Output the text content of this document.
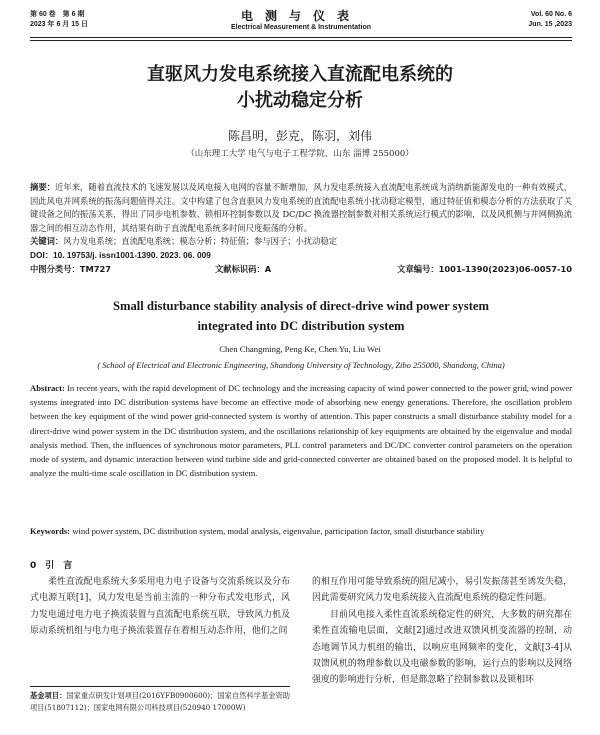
第 60 卷　第 6 期
2023 年 6 月 15 日
电测与仪表
Electrical Measurement & Instrumentation
Vol. 60 No. 6
Jun. 15 ,2023
直驱风力发电系统接入直流配电系统的
小扰动稳定分析
陈昌明，彭克，陈羽，刘伟
（山东理工大学 电气与电子工程学院，山东 淄博 255000）
摘要：近年来，随着直流技术的飞速发展以及风电接入电网的容量不断增加，风力发电系统接入直流配电系统成为消纳新能源发电的一种有效模式，因此风电并网系统的振荡问题值得关注。文中构建了包含直驱风力发电系统的直流配电系统小扰动稳定模型，通过特征值和模态分析的方法获取了关键设备之间的振荡关系，得出了同步电机参数、锁相环控制参数以及 DC/DC 换流器控制参数对相关系统运行模式的影响，以及风机侧与并网侧换流器之间的相互动态作用，其结果有助于直流配电系统多时间尺度振荡的分析。
关键词：风力发电系统；直流配电系统；模态分析；特征值；参与因子；小扰动稳定
DOI：10. 19753/j. issn1001-1390. 2023. 06. 009
中图分类号：TM727	文献标识码：A	文章编号：1001-1390(2023)06-0057-10
Small disturbance stability analysis of direct-drive wind power system
integrated into DC distribution system
Chen Changming, Peng Ke, Chen Yu, Liu Wei
( School of Electrical and Electronic Engineering, Shandong University of Technology, Zibo 255000, Shandong, China)
Abstract: In recent years, with the rapid development of DC technology and the increasing capacity of wind power connected to the power grid, wind power systems integrated into DC distribution systems have become an effective mode of absorbing new energy generations. Therefore, the oscillation problem between the key equipment of the wind power grid-connected system is worthy of attention. This paper constructs a small disturbance stability model for a direct-drive wind power system in the DC distribution system, and the oscillations relationship of key equipments are obtained by the eigenvalue and modal analysis method. Then, the influences of synchronous motor parameters, PLL control parameters and DC/DC converter control parameters on the operation mode of system, and dynamic interaction between wind turbine side and grid-connected converter are obtained based on the proposed model. It is helpful to analyze the multi-time scale oscillation in DC distribution system.
Keywords: wind power system, DC distribution system, modal analysis, eigenvalue, participation factor, small disturbance stability
0　引　言

柔性直流配电系统大多采用电力电子设备与交流系统以及分布式电源互联[1]，风力发电是当前主流的一种分布式发电形式，风力发电通过电力电子换流装置与直流配电系统互联，导致风力机及原动系统机组与电力电子换流装置存在着相互动态作用，他们之间

基金项目：国家重点研发计划项目(2016YFB0900600)；国家自然科学基金资助项目(51807112)；国家电网有限公司科技项目(520940 17000W)

的相互作用可能导致系统的阻尼减小，易引发振荡甚至诱发失稳，因此需要研究风力发电系统接入直流配电系统的稳定性问题。

目前风电接入柔性直流系统稳定性的研究，大多数的研究都在柔性直流输电层面，文献[2]通过改进双馈风机变流器的控制，动态地调节风力机组的输出，以响应电网频率的变化，文献[3-4]从双馈风机的物理参数以及电磁参数的影响，运行点的影响以及网络强度的影响进行分析，但是都忽略了控制参数以及锁相环
